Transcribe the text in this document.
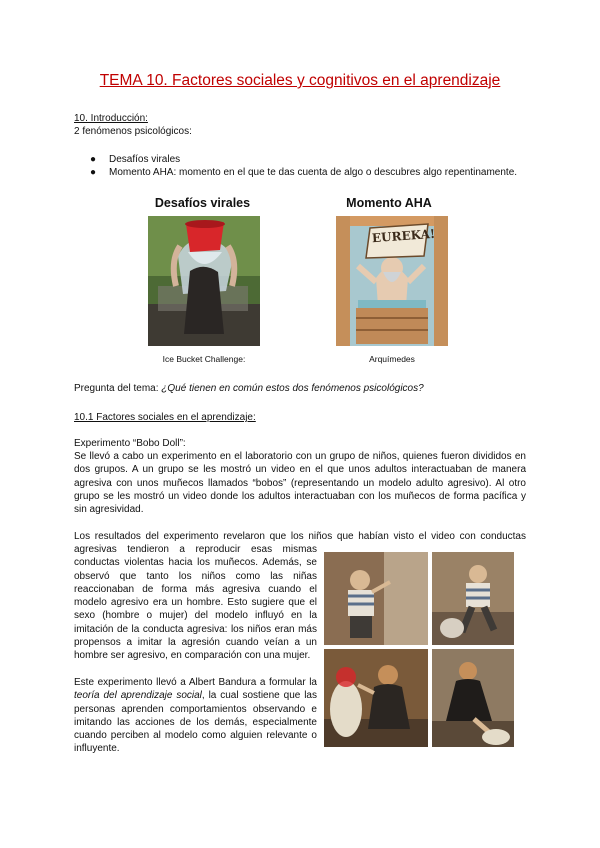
TEMA 10. Factores sociales y cognitivos en el aprendizaje
10. Introducción:
2 fenómenos psicológicos:
● Desafíos virales
● Momento AHA: momento en el que te das cuenta de algo o descubres algo repentinamente.
Desafíos virales	Momento AHA
EUREKA!
Ice Bucket Challenge:	Arquímedes
Pregunta del tema: ¿Qué tienen en común estos dos fenómenos psicológicos?
10.1 Factores sociales en el aprendizaje:
Experimento “Bobo Doll”:

Se llevó a cabo un experimento en el laboratorio con un grupo de niños, quienes fueron divididos en

dos grupos. A un grupo se les mostró un video en el que unos adultos interactuaban de manera

agresiva con unos muñecos llamados “bobos” (representando un modelo adulto agresivo). Al otro

grupo se les mostró un video donde los adultos interactuaban con los muñecos de forma pacífica y

sin agresividad.

Los resultados del experimento revelaron que los niños que habían visto el video con conductas

agresivas tendieron a reproducir esas mismas

conductas violentas hacia los muñecos. Además, se

observó que tanto los niños como las niñas

reaccionaban de forma más agresiva cuando el

modelo agresivo era un hombre. Esto sugiere que el

sexo (hombre o mujer) del modelo influyó en la

imitación de la conducta agresiva: los niños eran más

propensos a imitar la agresión cuando veían a un

hombre ser agresivo, en comparación con una mujer.

Este experimento llevó a Albert Bandura a formular la

teoría del aprendizaje social, la cual sostiene que las

personas aprenden comportamientos observando e

imitando las acciones de los demás, especialmente

cuando perciben al modelo como alguien relevante o

influyente.
